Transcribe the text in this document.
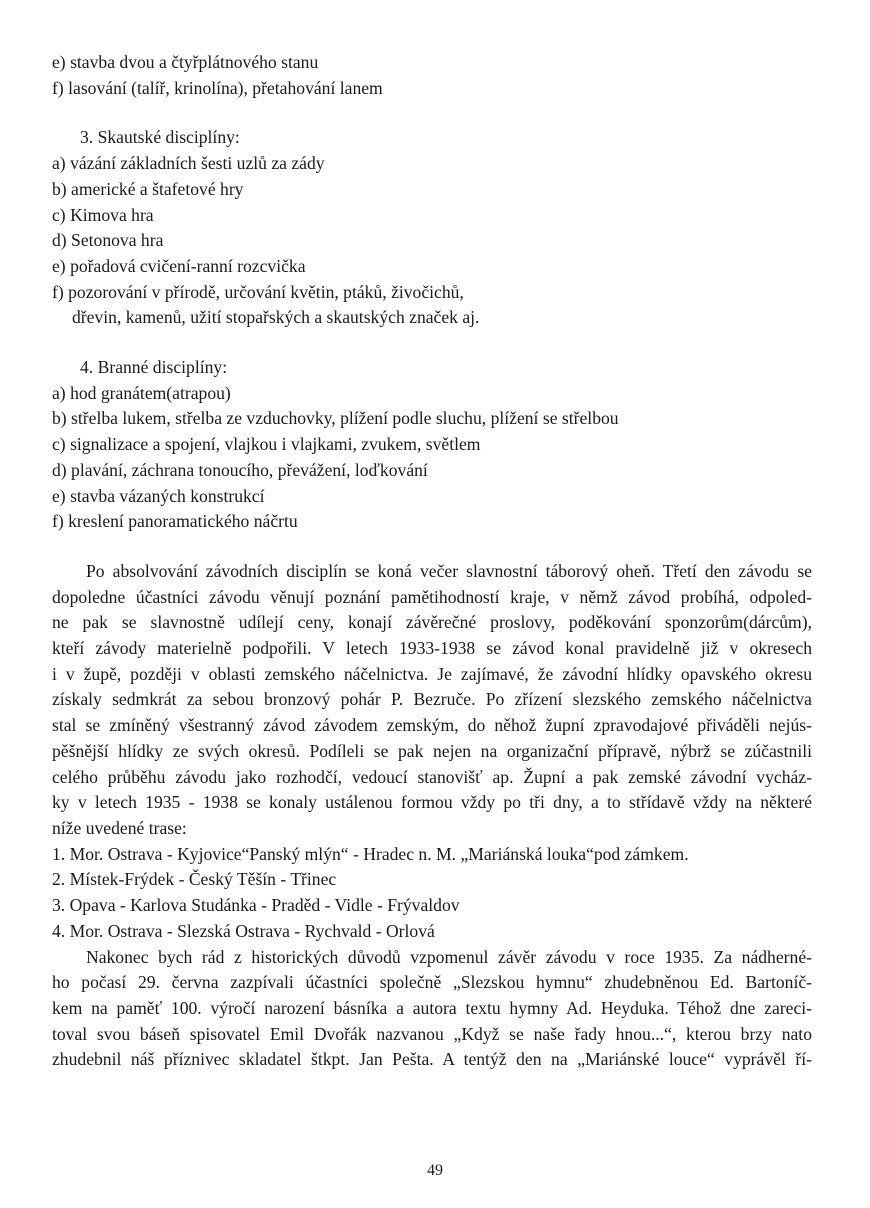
e) stavba dvou a čtyřplátnového stanu
f) lasování (talíř, krinolína), přetahování lanem
3. Skautské disciplíny:
a) vázání základních šesti uzlů za zády
b) americké a štafetové hry
c) Kimova hra
d) Setonova hra
e) pořadová cvičení-ranní rozcvička
f) pozorování v přírodě, určování květin, ptáků, živočichů,
dřevin, kamenů, užití stopařských a skautských značek aj.
4. Branné disciplíny:
a) hod granátem(atrapou)
b) střelba lukem, střelba ze vzduchovky, plížení podle sluchu, plížení se střelbou
c) signalizace a spojení, vlajkou i vlajkami, zvukem, světlem
d) plavání, záchrana tonoucího, převážení, loďkování
e) stavba vázaných konstrukcí
f) kreslení panoramatického náčrtu
Po absolvování závodních disciplín se koná večer slavnostní táborový oheň. Třetí den závodu se
dopoledne účastníci závodu věnují poznání pamětihodností kraje, v němž závod probíhá, odpoled-
ne pak se slavnostně udílejí ceny, konají závěrečné proslovy, poděkování sponzorům(dárcům),
kteří závody materielně podpořili. V letech 1933-1938 se závod konal pravidelně již v okresech
i v župě, později v oblasti zemského náčelnictva. Je zajímavé, že závodní hlídky opavského okresu
získaly sedmkrát za sebou bronzový pohár P. Bezruče. Po zřízení slezského zemského náčelnictva
stal se zmíněný všestranný závod závodem zemským, do něhož župní zpravodajové přiváděli nejús-
pěšnější hlídky ze svých okresů. Podíleli se pak nejen na organizační přípravě, nýbrž se zúčastnili
celého průběhu závodu jako rozhodčí, vedoucí stanovišť ap. Župní a pak zemské závodní vycház-
ky v letech 1935 - 1938 se konaly ustálenou formou vždy po tři dny, a to střídavě vždy na některé
níže uvedené trase:
1. Mor. Ostrava - Kyjovice“Panský mlýn“ - Hradec n. M. „Mariánská louka“pod zámkem.
2. Místek-Frýdek - Český Těšín - Třinec
3. Opava - Karlova Studánka - Praděd - Vidle - Frývaldov
4. Mor. Ostrava - Slezská Ostrava - Rychvald - Orlová
Nakonec bych rád z historických důvodů vzpomenul závěr závodu v roce 1935. Za nádherné-
ho počasí 29. června zazpívali účastníci společně „Slezskou hymnu“ zhudebněnou Ed. Bartoníč-
kem na paměť 100. výročí narození básníka a autora textu hymny Ad. Heyduka. Téhož dne zareci-
toval svou báseň spisovatel Emil Dvořák nazvanou „Když se naše řady hnou...“, kterou brzy nato
zhudebnil náš příznivec skladatel štkpt. Jan Pešta. A tentýž den na „Mariánské louce“ vyprávěl ří-
49
